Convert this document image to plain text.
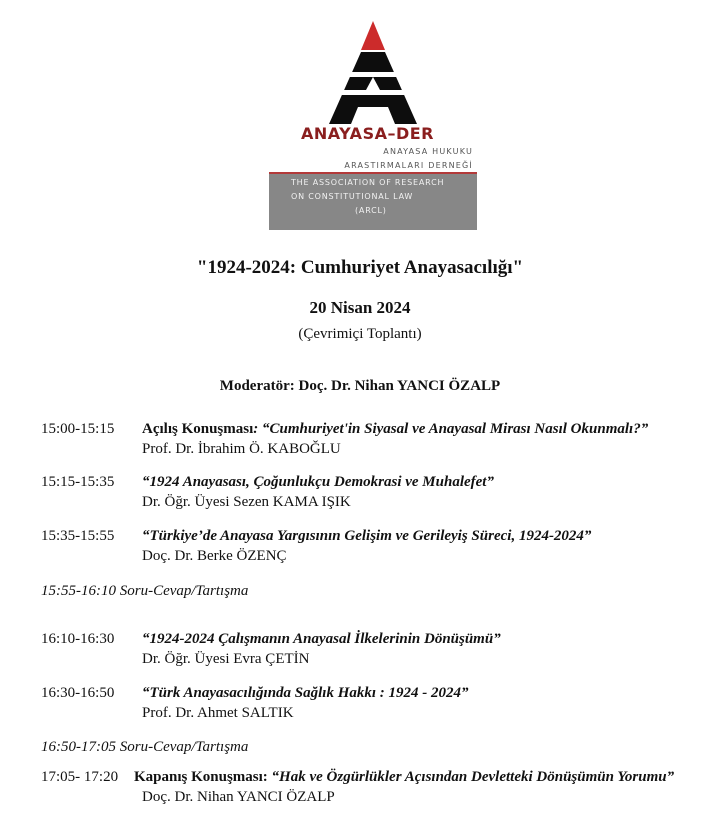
ANAYASA–DER
ANAYASA HUKUKU
ARASTIRMALARI DERNEĞİ
THE ASSOCIATION OF RESEARCH
ON CONSTITUTIONAL LAW
(ARCL)
"1924-2024: Cumhuriyet Anayasacılığı"
20 Nisan 2024
(Çevrimiçi Toplantı)
Moderatör: Doç. Dr. Nihan YANCI ÖZALP
15:00-15:15 Açılış Konuşması: “Cumhuriyet'in Siyasal ve Anayasal Mirası Nasıl Okunmalı?”
Prof. Dr. İbrahim Ö. KABOĞLU
15:15-15:35 “1924 Anayasası, Çoğunlukçu Demokrasi ve Muhalefet”
Dr. Öğr. Üyesi Sezen KAMA IŞIK
15:35-15:55 “Türkiye’de Anayasa Yargısının Gelişim ve Gerileyiş Süreci, 1924-2024”
Doç. Dr. Berke ÖZENÇ
15:55-16:10 Soru-Cevap/Tartışma
16:10-16:30 “1924-2024 Çalışmanın Anayasal İlkelerinin Dönüşümü”
Dr. Öğr. Üyesi Evra ÇETİN
16:30-16:50 “Türk Anayasacılığında Sağlık Hakkı : 1924 - 2024”
Prof. Dr. Ahmet SALTIK
16:50-17:05 Soru-Cevap/Tartışma
17:05- 17:20 Kapanış Konuşması: “Hak ve Özgürlükler Açısından Devletteki Dönüşümün Yorumu”
Doç. Dr. Nihan YANCI ÖZALP
